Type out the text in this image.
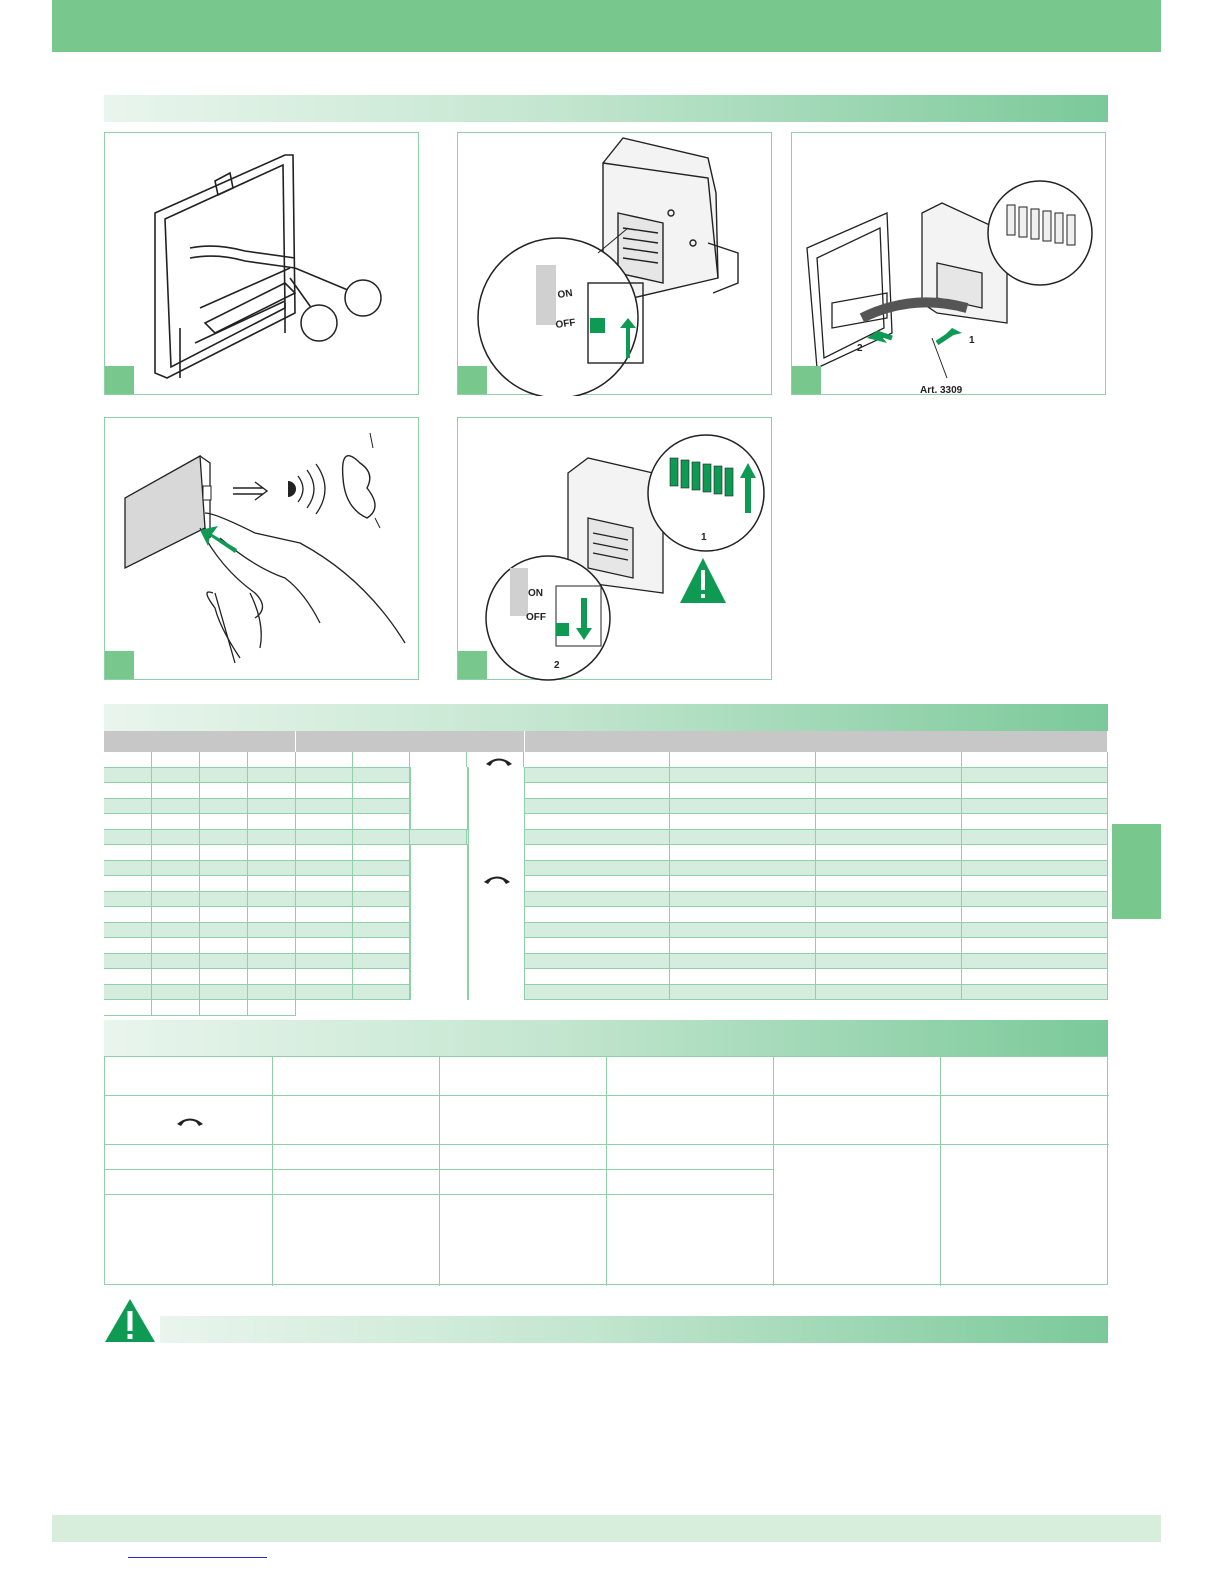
ON
OFF
2
1
Art. 3309
1
ON
OFF
2
